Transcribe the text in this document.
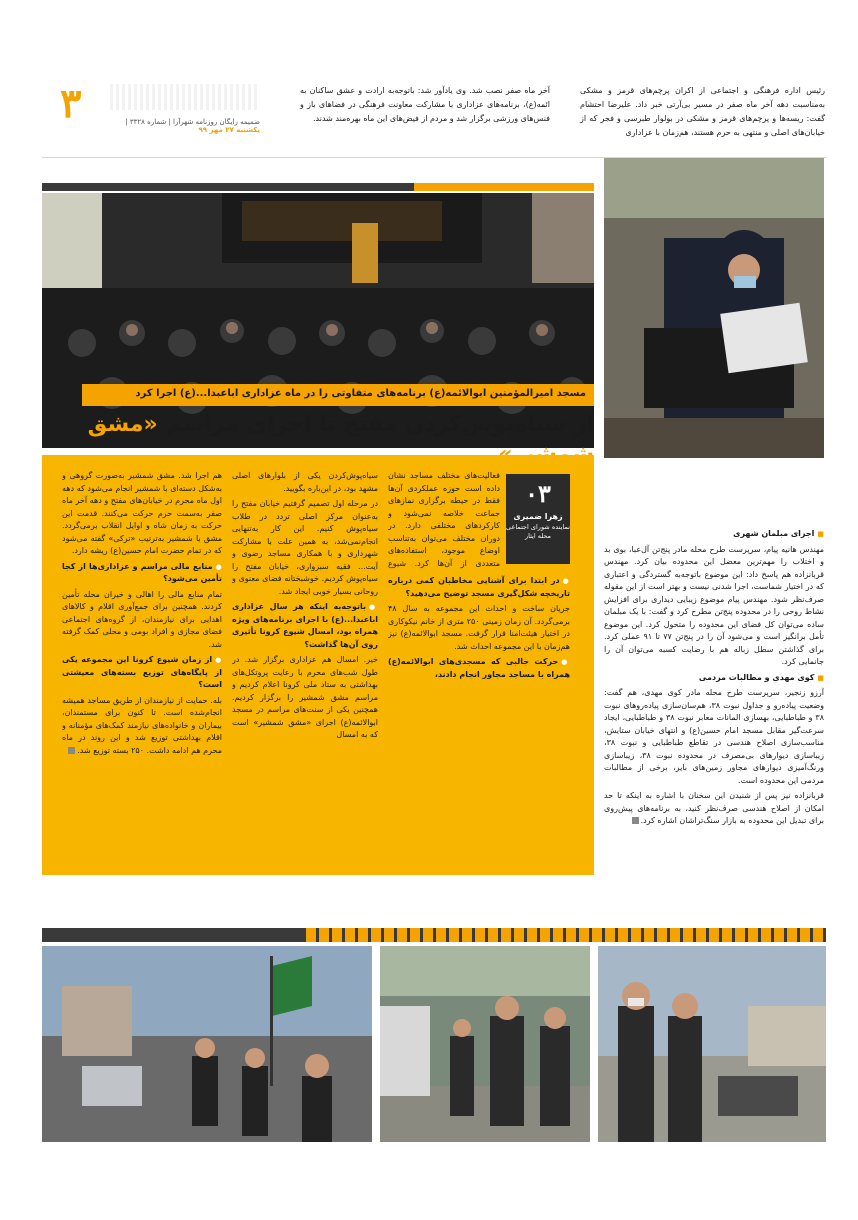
۳	ضمیمه رایگان روزنامه شهرآرا | شماره ۳۳۲۸ | یکشنبه ۲۷ مهر ۹۹
رئیس اداره فرهنگی و اجتماعی از اکران پرچم‌های قرمز و مشکی به‌مناسبت دهه آخر ماه صفر در مسیر بی‌آرتی خبر داد. علیرضا احتشام گفت: ریسه‌ها و پرچم‌های قرمز و مشکی در بولوار طبرسی و فجر که از خیابان‌های اصلی و منتهی به حرم هستند، هم‌زمان با عزاداری
آخر ماه صفر نصب شد. وی یادآور شد: باتوجه‌به ارادت و عشق ساکنان به ائمه(ع)، برنامه‌های عزاداری با مشارکت معاونت فرهنگی در فضاهای باز و فنس‌های ورزشی برگزار شد و مردم از فیض‌های این ماه بهره‌مند شدند.
مسجد امیرالمؤمنین ابوالائمه(ع) برنامه‌های متفاوتی را در ماه عزاداری اباعبدا...(ع) اجرا کرد
از سیاه‌پوش‌کردن مفتح تا اجرای مراسم «مشق
۰۳
زهرا ضمیری
نماینده شورای اجتماعی محله ایثار

فعالیت‌های مختلف مساجد نشان داده است حوزه عملکردی آن‌ها فقط در حیطه برگزاری نمازهای جماعت خلاصه نمی‌شود و کارکردهای مختلفی دارد. در دوران مختلف می‌توان به‌تناسب اوضاع موجود، استفاده‌های متعددی از آن‌ها کرد. شیوع

● در ابتدا برای آشنایی مخاطبان کمی درباره تاریخچه شکل‌گیری مسجد توضیح می‌دهید؟

جریان ساخت و احداث این مجموعه به سال ۴۸ برمی‌گردد. آن زمان زمینی ۲۵۰ متری از خانم نیکوکاری در اختیار هیئت‌امنا قرار گرفت. مسجد ابوالائمه(ع) نیز هم‌زمان با این مجموعه احداث شد.

● حرکت جالبی که مسجدی‌های ابوالائمه(ع) همراه با مساجد مجاور انجام دادند،

سیاه‌پوش‌کردن یکی از بلوارهای اصلی مشهد بود، در این‌باره بگویید.

در مرحله اول تصمیم گرفتیم خیابان مفتح را به‌عنوان مرکز اصلی تردد در طلاب سیاه‌پوش کنیم. این کار به‌تنهایی انجام‌نمی‌شد، به همین علت با مشارکت شهرداری و با همکاری مساجد رضوی و آیت... فقیه سبزواری، خیابان مفتح را سیاه‌پوش کردیم. خوشبختانه فضای معنوی و روحانی بسیار خوبی ایجاد شد.

● باتوجه‌به اینکه هر سال عزاداری اباعبدا...(ع) با اجرای برنامه‌های ویژه همراه بود، امسال شیوع کرونا تأثیری روی آن‌ها گذاشت؟

خیر. امسال هم عزاداری برگزار شد. در طول شب‌های محرم با رعایت پروتکل‌های بهداشتی به ستاد ملی کرونا اعلام کردیم و مراسم مشق شمشیر را برگزار کردیم. همچنین یکی از سنت‌های مراسم در مسجد ابوالائمه(ع) اجرای «مشق شمشیر» است که به امسال

هم اجرا شد. مشق شمشیر به‌صورت گروهی و به‌شکل دسته‌ای با شمشیر انجام می‌شود که دهه اول ماه محرم در خیابان‌های مفتح و دهه آخر ماه صفر به‌سمت حرم حرکت می‌کنند. قدمت این حرکت به زمان شاه و اوایل انقلاب برمی‌گردد. مشق با شمشیر به‌ترتیب «ترکی» گفته می‌شود که در تمام حضرت امام حسین(ع) ریشه دارد.

● منابع مالی مراسم و عزاداری‌ها از کجا تأمین می‌شود؟

تمام منابع مالی را اهالی و خیران محله تأمین کردند. همچنین برای جمع‌آوری اقلام و کالاهای اهدایی برای نیازمندان، از گروه‌های اجتماعی فضای مجازی و افراد بومی و محلی کمک گرفته شد.

● از زمان شیوع کرونا این مجموعه یکی از پایگاه‌های توزیع بسته‌های معیشتی است؟

بله. حمایت از نیازمندان از طریق مساجد همیشه انجام‌شده است. تا کنون برای مستمندان، بیماران و خانواده‌های نیازمند کمک‌های مؤمنانه و اقلام بهداشتی توزیع شد و این روند در ماه محرم هم ادامه داشت. ۲۵۰ بسته توزیع شد.

■ اجرای مبلمان شهری

مهندس هانیه پیام، سرپرست طرح محله مادر پنج‌تن آل‌عبا، بوی بد و اختلاب را مهم‌ترین معضل این محدوده بیان کرد. مهندس قربانزاده هم پاسخ داد: این موضوع باتوجه‌به گستردگی و اعتباری که در اختیار شماست، اجرا شدنی نیست و بهتر است از این مقوله صرف‌نظر شود. مهندس پیام موضوع زیبایی دیداری برای افزایش نشاط روحی را در محدوده پنج‌تن مطرح کرد و گفت: با یک مبلمان ساده می‌توان کل فضای این محدوده را متحول کرد. این موضوع تأمل برانگیز است و می‌شود آن را در پنج‌تن ۷۷ تا ۹۱ عملی کرد. برای گذاشتن سطل زباله هم با رضایت کسبه می‌توان آن را جانمایی کرد.

■ کوی مهدی و مطالبات مردمی

آرزو زنجیر، سرپرست طرح محله مادر کوی مهدی، هم گفت: وضعیت پیاده‌رو و جداول نبوت ۳۸، هم‌سان‌سازی پیاده‌روهای نبوت ۳۸ و طباطبایی، بهسازی المانات معابر نبوت ۳۸ و طباطبایی، ایجاد سرعت‌گیر مقابل مسجد امام حسین(ع) و انتهای خیابان ستایش، مناسب‌سازی اصلاح هندسی در تقاطع طباطبایی و نبوت ۳۸، زیباسازی دیوارهای بی‌مصرف در محدوده نبوت ۳۸، زیباسازی ورنگ‌آمیزی دیوارهای مجاور زمین‌های بایر، برخی از مطالبات مردمی این محدوده است.

قربانزاده نیز پس از شنیدن این سخنان با اشاره به اینکه تا حد امکان از اصلاح هندسی صرف‌نظر کنید، به برنامه‌های پیش‌روی برای تبدیل این محدوده به بازار سنگ‌تراشان اشاره کرد.
